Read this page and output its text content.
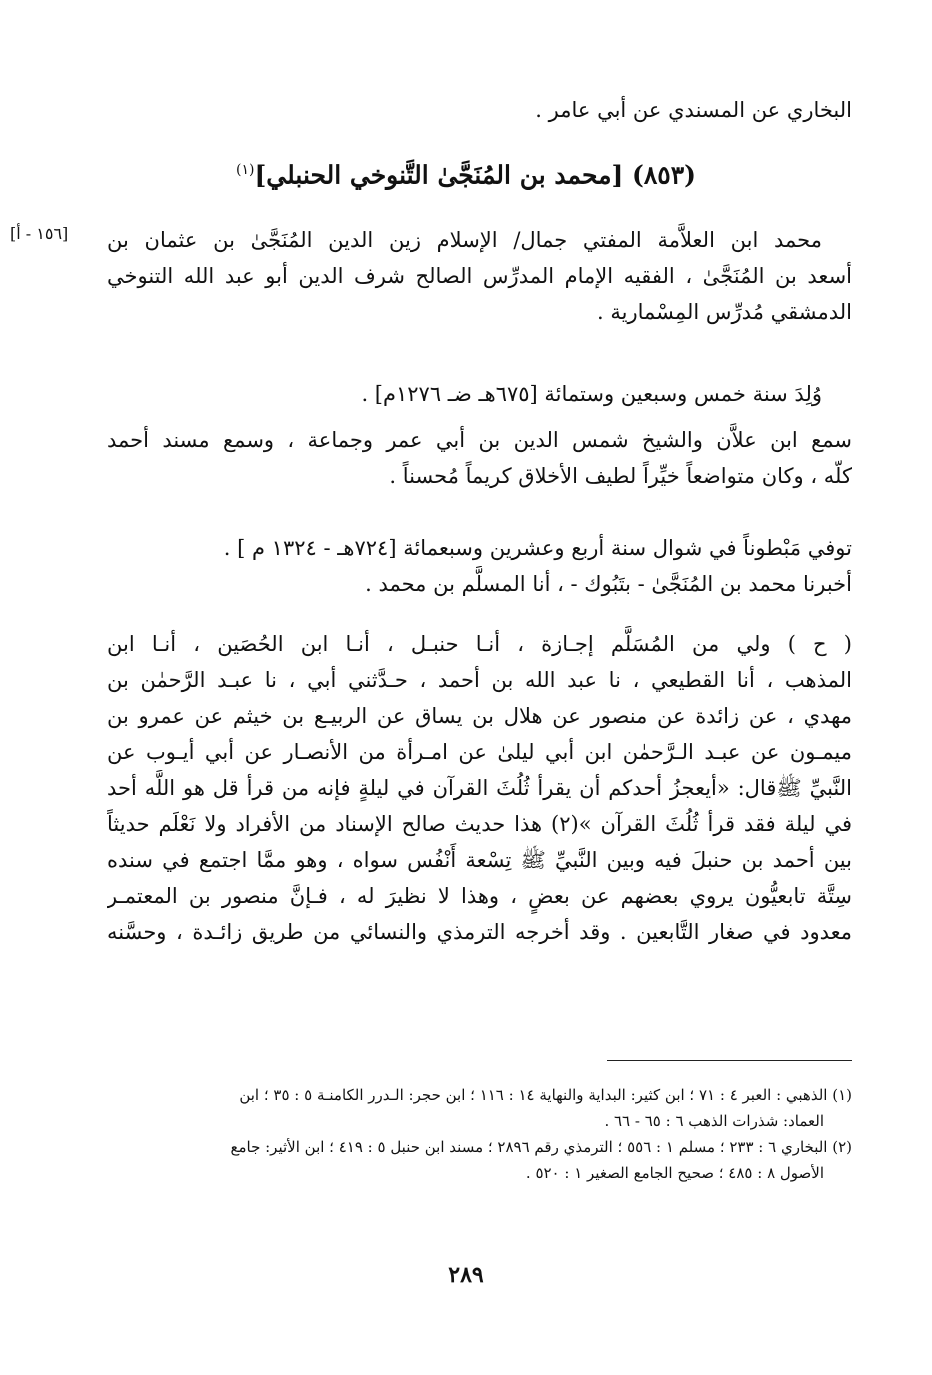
البخاري عن المسندي عن أبي عامر .
(٨٥٣) [محمد بن المُنَجَّىٰ التَّنوخي الحنبلي]$^{(١)}$
[١٥٦ - أ] محمد ابن العلاَّمة المفتي جمال/ الإسلام زين الدين المُنَجَّىٰ بن عثمان بن
أسعد بن المُنَجَّىٰ ، الفقيه الإمام المدرِّس الصالح شرف الدين أبو عبد الله التنوخي
الدمشقي مُدرِّس المِسْمارية .
وُلِدَ سنة خمس وسبعين وستمائة [٦٧٥هـ ضـ ١٢٧٦م] .
سمع ابن علاَّن والشيخ شمس الدين بن أبي عمر وجماعة ، وسمع مسند أحمد
كلّه ، وكان متواضعاً خيِّراً لطيف الأخلاق كريماً مُحسناً .
توفي مَبْطوناً في شوال سنة أربع وعشرين وسبعمائة [٧٢٤هـ - ١٣٢٤ م ] .
أخبرنا محمد بن المُنَجَّىٰ - بتَبُوك - ، أنا المسلَّم بن محمد .
( ح ) ولي من المُسَلَّم إجـازة ، أنـا حنبـل ، أنـا ابن الحُصَين ، أنـا ابن
المذهب ، أنا القطيعي ، نا عبد الله بن أحمد ، حـدَّثني أبي ، نا عبـد الرَّحمٰن بن
مهدي ، عن زائدة عن منصور عن هلال بن يساق عن الربيـع بن خيثم عن عمرو بن
ميمـون عن عبـد الـرَّحمٰن ابن أبي ليلىٰ عن امـرأة من الأنصـار عن أبي أيـوب عن
النَّبيِّ ﷺقال: «أيعجزُ أحدكم أن يقرأ ثُلُثَ القرآن في ليلةٍ فإنه من قرأ قل هو اللَّه أحد
في ليلة فقد قرأ ثُلُثَ القرآن »(٢) هذا حديث صالح الإسناد من الأفراد ولا نَعْلَم حديثاً
بين أحمد بن حنبلَ فيه وبين النَّبيِّ ﷺ تِسْعة أَنْفُس سواه ، وهو ممَّا اجتمع في سنده
سِتَّة تابعيُّون يروي بعضهم عن بعضٍ ، وهذا لا نظيرَ له ، فـإنَّ منصور بن المعتمـر
معدود في صغار التَّابعين . وقد أخرجه الترمذي والنسائي من طريق زائـدة ، وحسَّنه
(١) الذهبي : العبر ٤ : ٧١ ؛ ابن كثير: البداية والنهاية ١٤ : ١١٦ ؛ ابن حجر: الـدرر الكامنـة ٥ : ٣٥ ؛ ابن
العماد: شذرات الذهب ٦ : ٦٥ - ٦٦ .
(٢) البخاري ٦ : ٢٣٣ ؛ مسلم ١ : ٥٥٦ ؛ الترمذي رقم ٢٨٩٦ ؛ مسند ابن حنبل ٥ : ٤١٩ ؛ ابن الأثير: جامع
الأصول ٨ : ٤٨٥ ؛ صحيح الجامع الصغير ١ : ٥٢٠ .
٢٨٩
